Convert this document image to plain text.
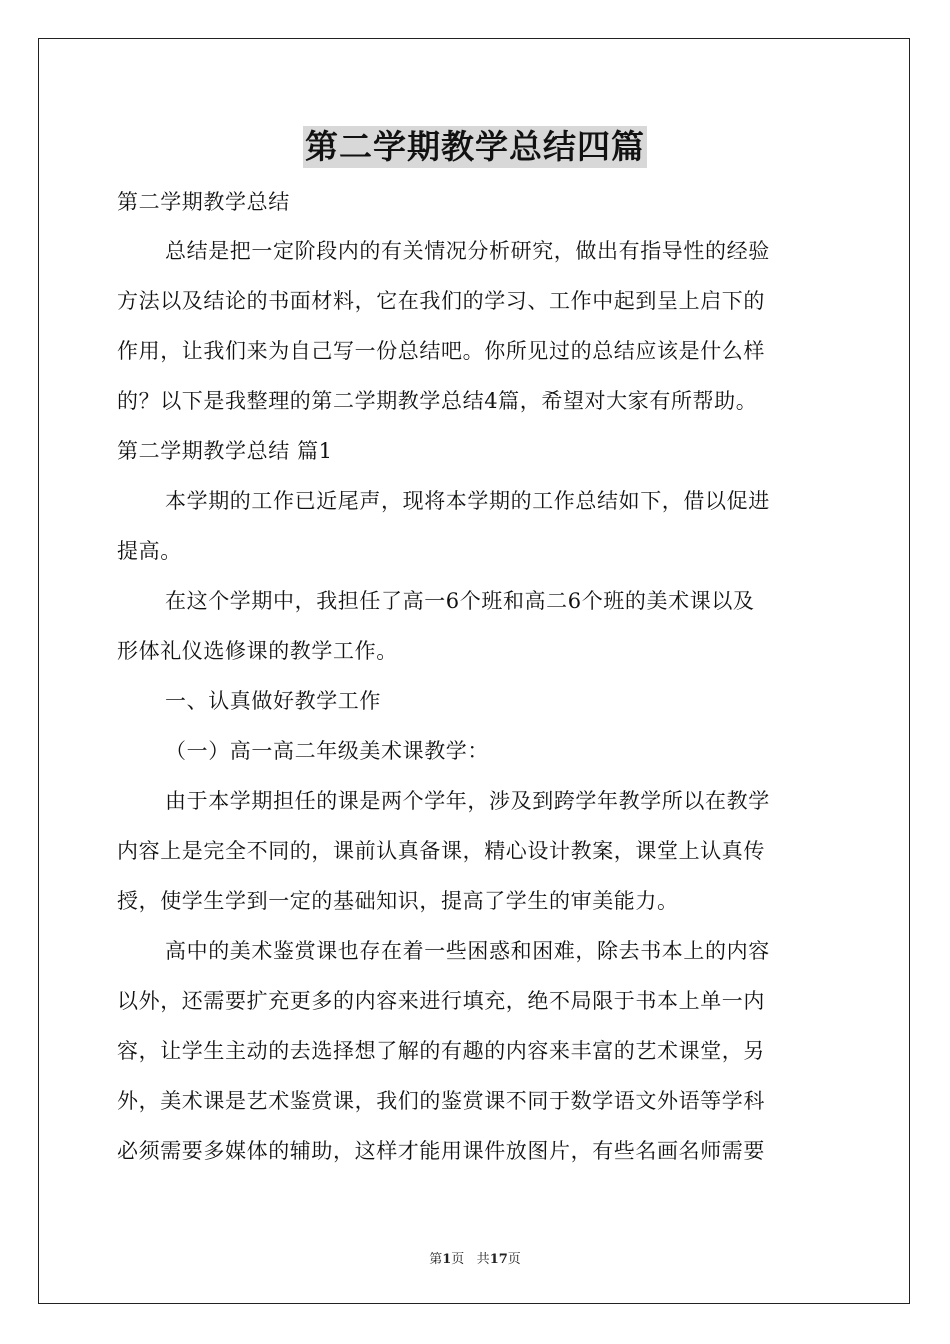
第二学期教学总结四篇
第二学期教学总结
总结是把一定阶段内的有关情况分析研究，做出有指导性的经验
方法以及结论的书面材料，它在我们的学习、工作中起到呈上启下的
作用，让我们来为自己写一份总结吧。你所见过的总结应该是什么样
的？以下是我整理的第二学期教学总结4篇，希望对大家有所帮助。
第二学期教学总结 篇1
本学期的工作已近尾声，现将本学期的工作总结如下，借以促进
提高。
在这个学期中，我担任了高一6个班和高二6个班的美术课以及
形体礼仪选修课的教学工作。
一、认真做好教学工作
（一）高一高二年级美术课教学：
由于本学期担任的课是两个学年，涉及到跨学年教学所以在教学
内容上是完全不同的，课前认真备课，精心设计教案，课堂上认真传
授，使学生学到一定的基础知识，提高了学生的审美能力。
高中的美术鉴赏课也存在着一些困惑和困难，除去书本上的内容
以外，还需要扩充更多的内容来进行填充，绝不局限于书本上单一内
容，让学生主动的去选择想了解的有趣的内容来丰富的艺术课堂，另
外，美术课是艺术鉴赏课，我们的鉴赏课不同于数学语文外语等学科
必须需要多媒体的辅助，这样才能用课件放图片，有些名画名师需要
第1页 共17页
